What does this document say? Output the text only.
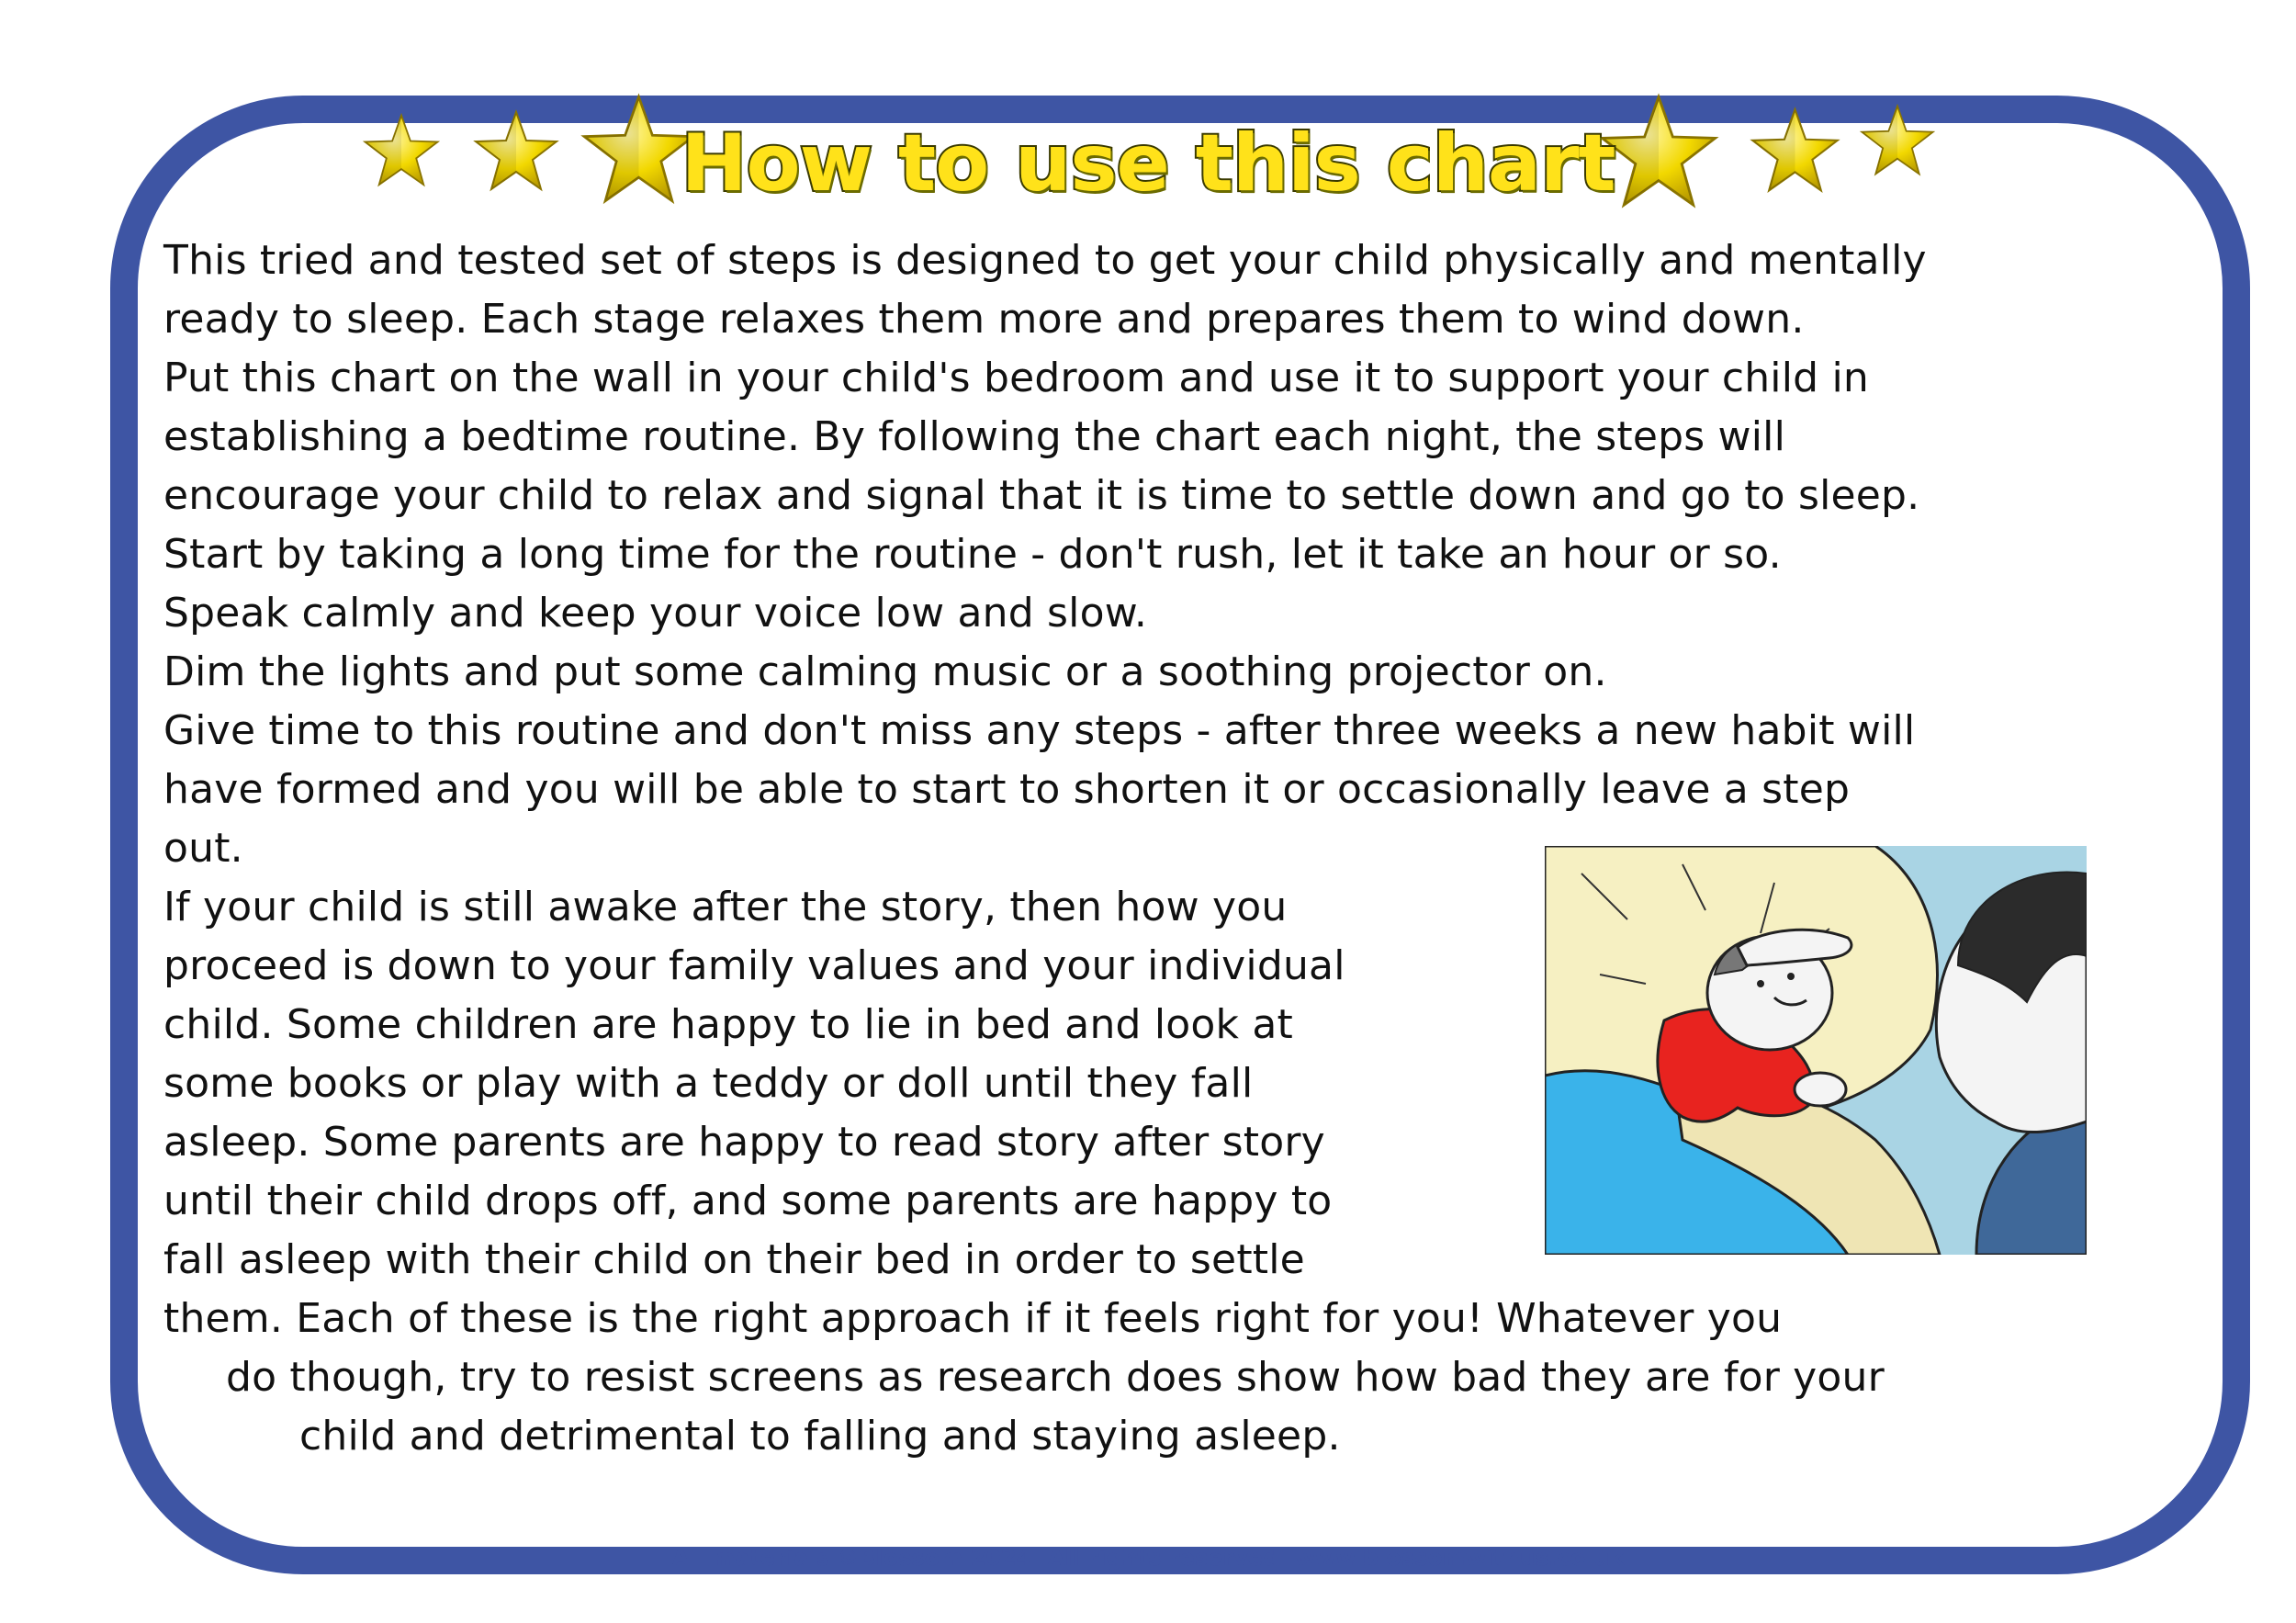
How to use this chart
This tried and tested set of steps is designed to get your child physically and mentally
ready to sleep. Each stage relaxes them more and prepares them to wind down.
Put this chart on the wall in your child's bedroom and use it to support your child in
establishing a bedtime routine. By following the chart each night, the steps will
encourage your child to relax and signal that it is time to settle down and go to sleep.
Start by taking a long time for the routine - don't rush, let it take an hour or so.
Speak calmly and keep your voice low and slow.
Dim the lights and put some calming music or a soothing projector on.
Give time to this routine and don't miss any steps - after three weeks a new habit will
have formed and you will be able to start to shorten it or occasionally leave a step
out.
If your child is still awake after the story, then how you
proceed is down to your family values and your individual
child. Some children are happy to lie in bed and look at
some books or play with a teddy or doll until they fall
asleep. Some parents are happy to read story after story
until their child drops off, and some parents are happy to
fall asleep with their child on their bed in order to settle
them. Each of these is the right approach if it feels right for you! Whatever you
do though, try to resist screens as research does show how bad they are for your
child and detrimental to falling and staying asleep.
All materials ©Blossom 2024. All rights reserved. www.blossomwithus.co.uk
